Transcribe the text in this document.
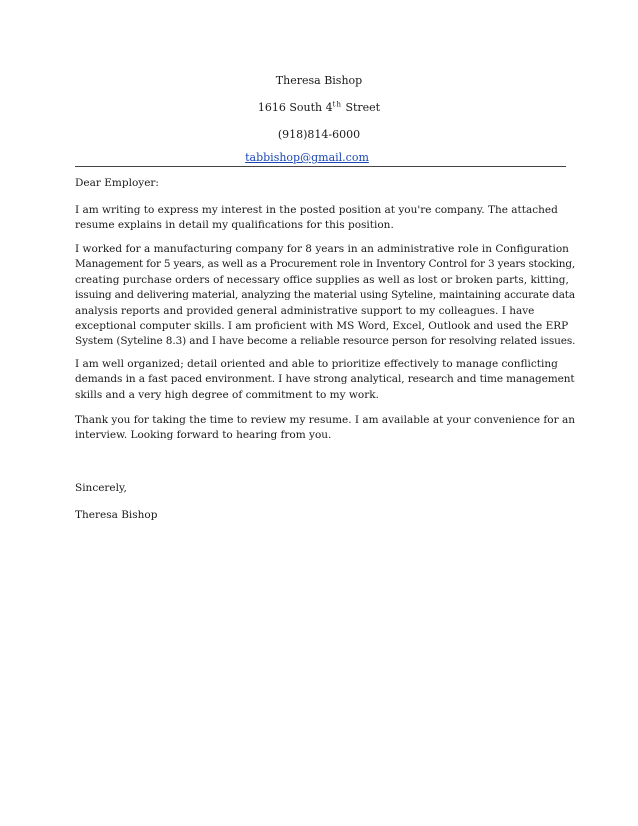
Theresa Bishop
1616 South 4th Street
(918)814-6000
tabbishop@gmail.com

Dear Employer:

I am writing to express my interest in the posted position at you're company. The attached
resume explains in detail my qualifications for this position.

I worked for a manufacturing company for 8 years in an administrative role in Configuration
Management for 5 years, as well as a Procurement role in Inventory Control for 3 years stocking,
creating purchase orders of necessary office supplies as well as lost or broken parts, kitting,
issuing and delivering material, analyzing the material using Syteline, maintaining accurate data
analysis reports and provided general administrative support to my colleagues. I have
exceptional computer skills. I am proficient with MS Word, Excel, Outlook and used the ERP
System (Syteline 8.3) and I have become a reliable resource person for resolving related issues.

I am well organized; detail oriented and able to prioritize effectively to manage conflicting
demands in a fast paced environment. I have strong analytical, research and time management
skills and a very high degree of commitment to my work.

Thank you for taking the time to review my resume. I am available at your convenience for an
interview. Looking forward to hearing from you.

Sincerely,

Theresa Bishop
